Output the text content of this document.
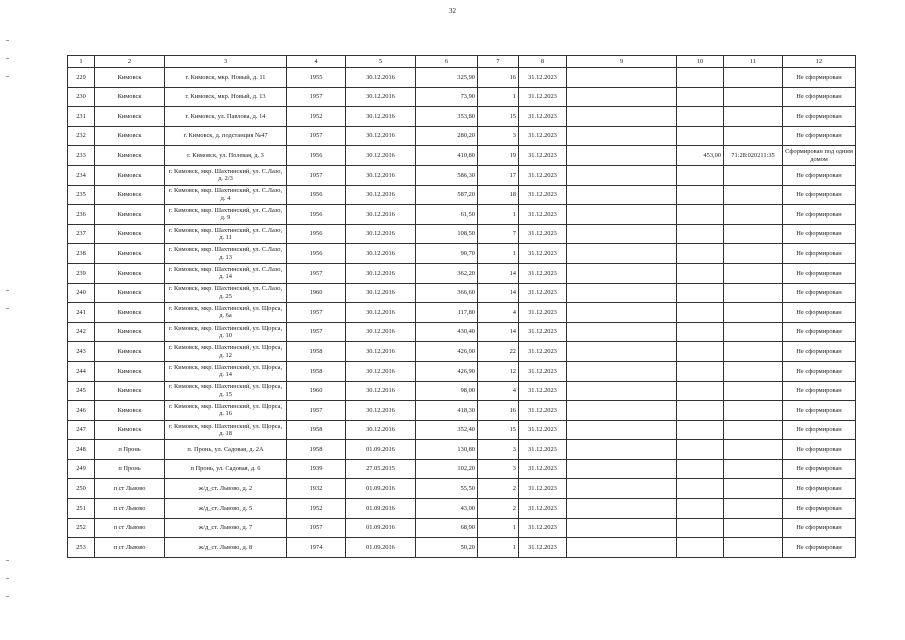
32
1	2	3	4	5	6	7	8	9	10	11	12
229	Кимовск	г. Кимовск, мкр. Новый, д. 11	1955	30.12.2016	325,90	16	31.12.2023				Не сформирован
230	Кимовск	г. Кимовск, мкр. Новый, д. 13	1957	30.12.2016	73,90	1	31.12.2023				Не сформирован
231	Кимовск	г. Кимовск, ул. Павлова, д. 14	1952	30.12.2016	353,80	15	31.12.2023				Не сформирован
232	Кимовск	г. Кимовск, д. подстанция №47	1957	30.12.2016	280,20	3	31.12.2023				Не сформирован
233	Кимовск	г. Кимовск, ул. Полевая, д. 3	1956	30.12.2016	410,80	19	31.12.2023		453,00	71:28:020211:35	Сформирован под одним домом
234	Кимовск	г. Кимовск, мкр. Шахтинский, ул. С.Лазо, д. 2/3	1957	30.12.2016	586,30	17	31.12.2023				Не сформирован
235	Кимовск	г. Кимовск, мкр. Шахтинский, ул. С.Лазо, д. 4	1956	30.12.2016	587,20	18	31.12.2023				Не сформирован
236	Кимовск	г. Кимовск, мкр. Шахтинский, ул. С.Лазо, д. 9	1956	30.12.2016	61,50	1	31.12.2023				Не сформирован
237	Кимовск	г. Кимовск, мкр. Шахтинский, ул. С.Лазо, д. 11	1956	30.12.2016	108,50	7	31.12.2023				Не сформирован
238	Кимовск	г. Кимовск, мкр. Шахтинский, ул. С.Лазо, д. 13	1956	30.12.2016	90,70	1	31.12.2023				Не сформирован
239	Кимовск	г. Кимовск, мкр. Шахтинский, ул. С.Лазо, д. 14	1957	30.12.2016	362,20	14	31.12.2023				Не сформирован
240	Кимовск	г. Кимовск, мкр. Шахтинский, ул. С.Лазо, д. 25	1960	30.12.2016	366,60	14	31.12.2023				Не сформирован
241	Кимовск	г. Кимовск, мкр. Шахтинский, ул. Щорса, д. 6а	1957	30.12.2016	117,80	4	31.12.2023				Не сформирован
242	Кимовск	г. Кимовск, мкр. Шахтинский, ул. Щорса, д. 10	1957	30.12.2016	430,40	14	31.12.2023				Не сформирован
243	Кимовск	г. Кимовск, мкр. Шахтинский, ул. Щорса, д. 12	1958	30.12.2016	426,00	22	31.12.2023				Не сформирован
244	Кимовск	г. Кимовск, мкр. Шахтинский, ул. Щорса, д. 14	1958	30.12.2016	426,90	12	31.12.2023				Не сформирован
245	Кимовск	г. Кимовск, мкр. Шахтинский, ул. Щорса, д. 15	1960	30.12.2016	98,00	4	31.12.2023				Не сформирован
246	Кимовск	г. Кимовск, мкр. Шахтинский, ул. Щорса, д. 16	1957	30.12.2016	418,30	16	31.12.2023				Не сформирован
247	Кимовск	г. Кимовск, мкр. Шахтинский, ул. Щорса, д. 18	1958	30.12.2016	352,40	15	31.12.2023				Не сформирован
248	п Пронь	п. Пронь, ул. Садовая, д. 2А	1958	01.09.2016	130,80	3	31.12.2023				Не сформирован
249	п Пронь	п Пронь, ул. Садовая, д. 6	1939	27.05.2015	102,20	3	31.12.2023				Не сформирован
250	п ст Львово	ж/д_ст. Львово, д. 2	1932	01.09.2016	55,50	2	31.12.2023				Не сформирован
251	п ст Львово	ж/д_ст. Львово, д. 5	1952	01.09.2016	43,00	2	31.12.2023				Не сформирован
252	п ст Львово	ж/д_ст. Львово, д. 7	1957	01.09.2016	68,90	1	31.12.2023				Не сформирован
253	п ст Львово	ж/д_ст. Львово, д. 8	1974	01.09.2016	50,20	1	31.12.2023				Не сформирован
